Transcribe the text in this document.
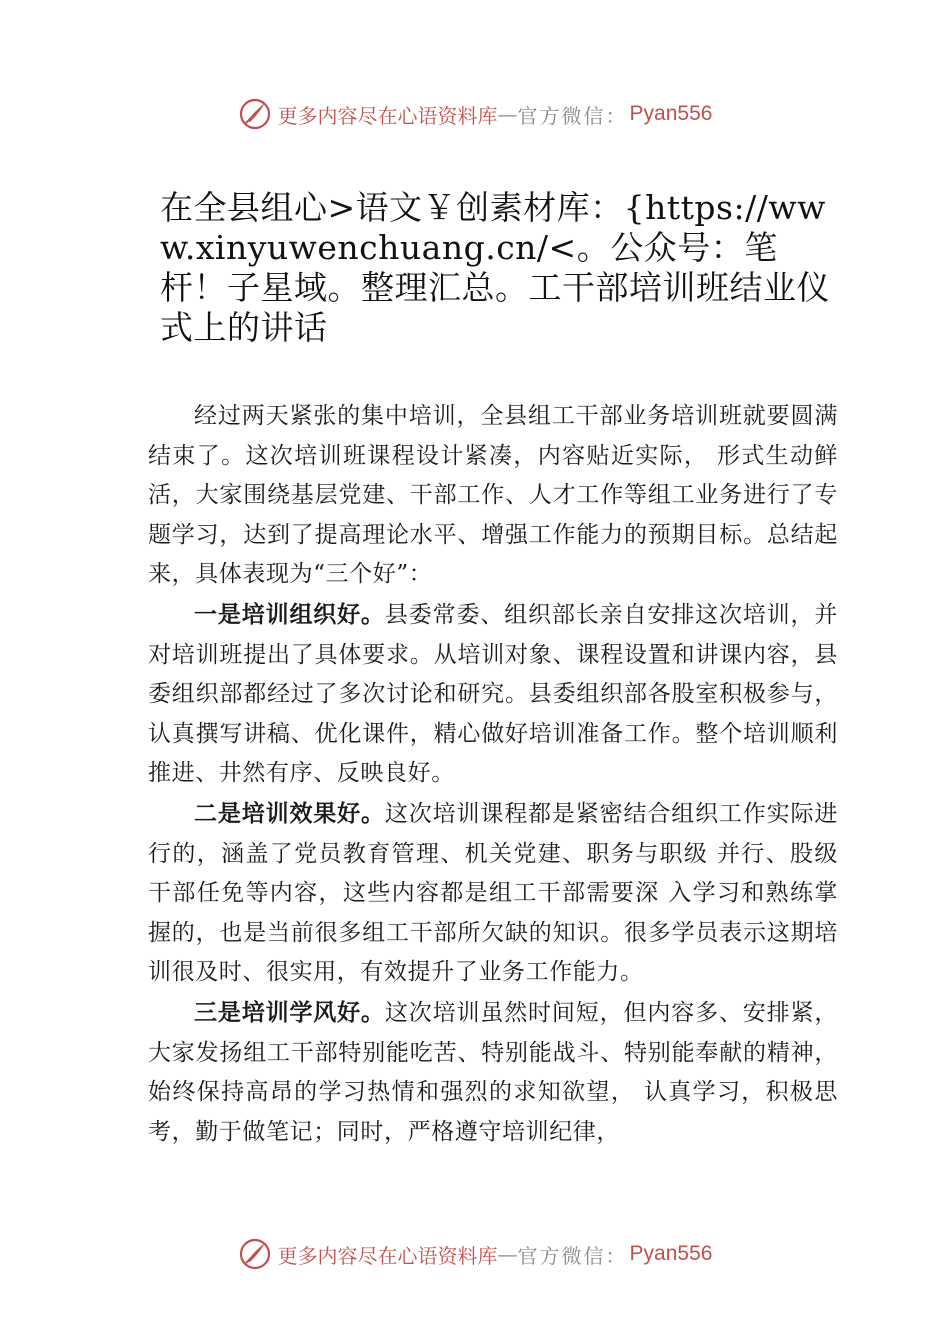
更多内容尽在心语资料库 — 官方微信： Pyan556
在全县组心>语文￥创素材库：{https://www.xinyuwenchuang.cn/<。公众号：笔杆！子星域。整理汇总。工干部培训班结业仪式上的讲话

经过两天紧张的集中培训，全县组工干部业务培训班就要圆满结束了。这次培训班课程设计紧凑，内容贴近实际， 形式生动鲜活，大家围绕基层党建、干部工作、人才工作等组工业务进行了专题学习，达到了提高理论水平、增强工作能力的预期目标。总结起来，具体表现为“三个好”：

一是培训组织好。县委常委、组织部长亲自安排这次培训，并对培训班提出了具体要求。从培训对象、课程设置和讲课内容，县委组织部都经过了多次讨论和研究。县委组织部各股室积极参与，认真撰写讲稿、优化课件，精心做好培训准备工作。整个培训顺利推进、井然有序、反映良好。

二是培训效果好。这次培训课程都是紧密结合组织工作实际进行的，涵盖了党员教育管理、机关党建、职务与职级 并行、股级干部任免等内容，这些内容都是组工干部需要深 入学习和熟练掌握的，也是当前很多组工干部所欠缺的知识。很多学员表示这期培训很及时、很实用，有效提升了业务工作能力。

三是培训学风好。这次培训虽然时间短，但内容多、安排紧，大家发扬组工干部特别能吃苦、特别能战斗、特别能奉献的精神，始终保持高昂的学习热情和强烈的求知欲望， 认真学习，积极思考，勤于做笔记；同时，严格遵守培训纪律，

更多内容尽在心语资料库 — 官方微信： Pyan556
